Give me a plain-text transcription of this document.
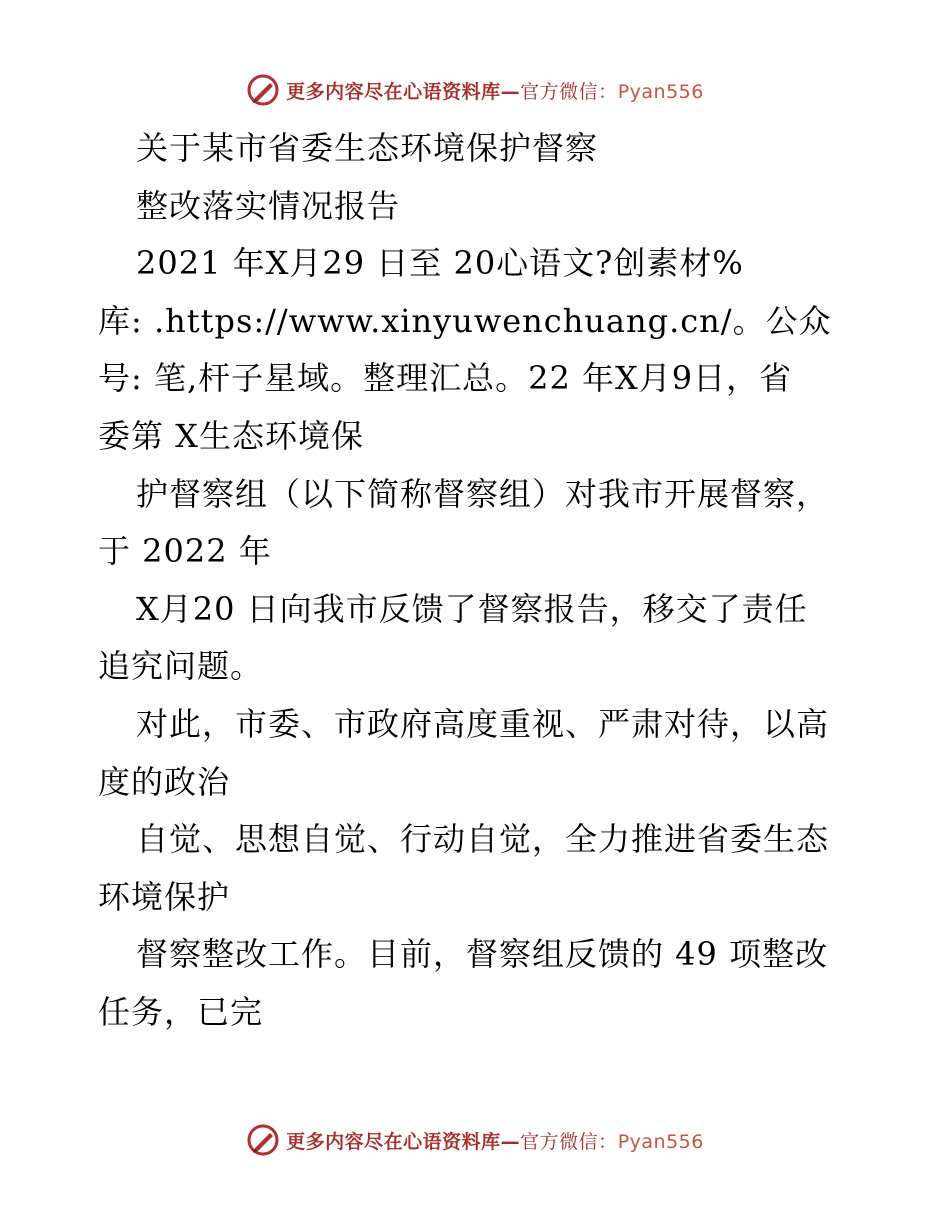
更多内容尽在心语资料库—官方微信：Pyan556
关于某市省委生态环境保护督察
整改落实情况报告
2021 年X月29 日至 20心语文?创素材%
库: .https://www.xinyuwenchuang.cn/。公众
号: 笔,杆子星域。整理汇总。22 年X月9日，省
委第 X生态环境保
护督察组（以下简称督察组）对我市开展督察，
于 2022 年
X月20 日向我市反馈了督察报告，移交了责任
追究问题。
对此，市委、市政府高度重视、严肃对待，以高
度的政治
自觉、思想自觉、行动自觉，全力推进省委生态
环境保护
督察整改工作。目前，督察组反馈的 49 项整改
任务，已完
更多内容尽在心语资料库—官方微信：Pyan556
